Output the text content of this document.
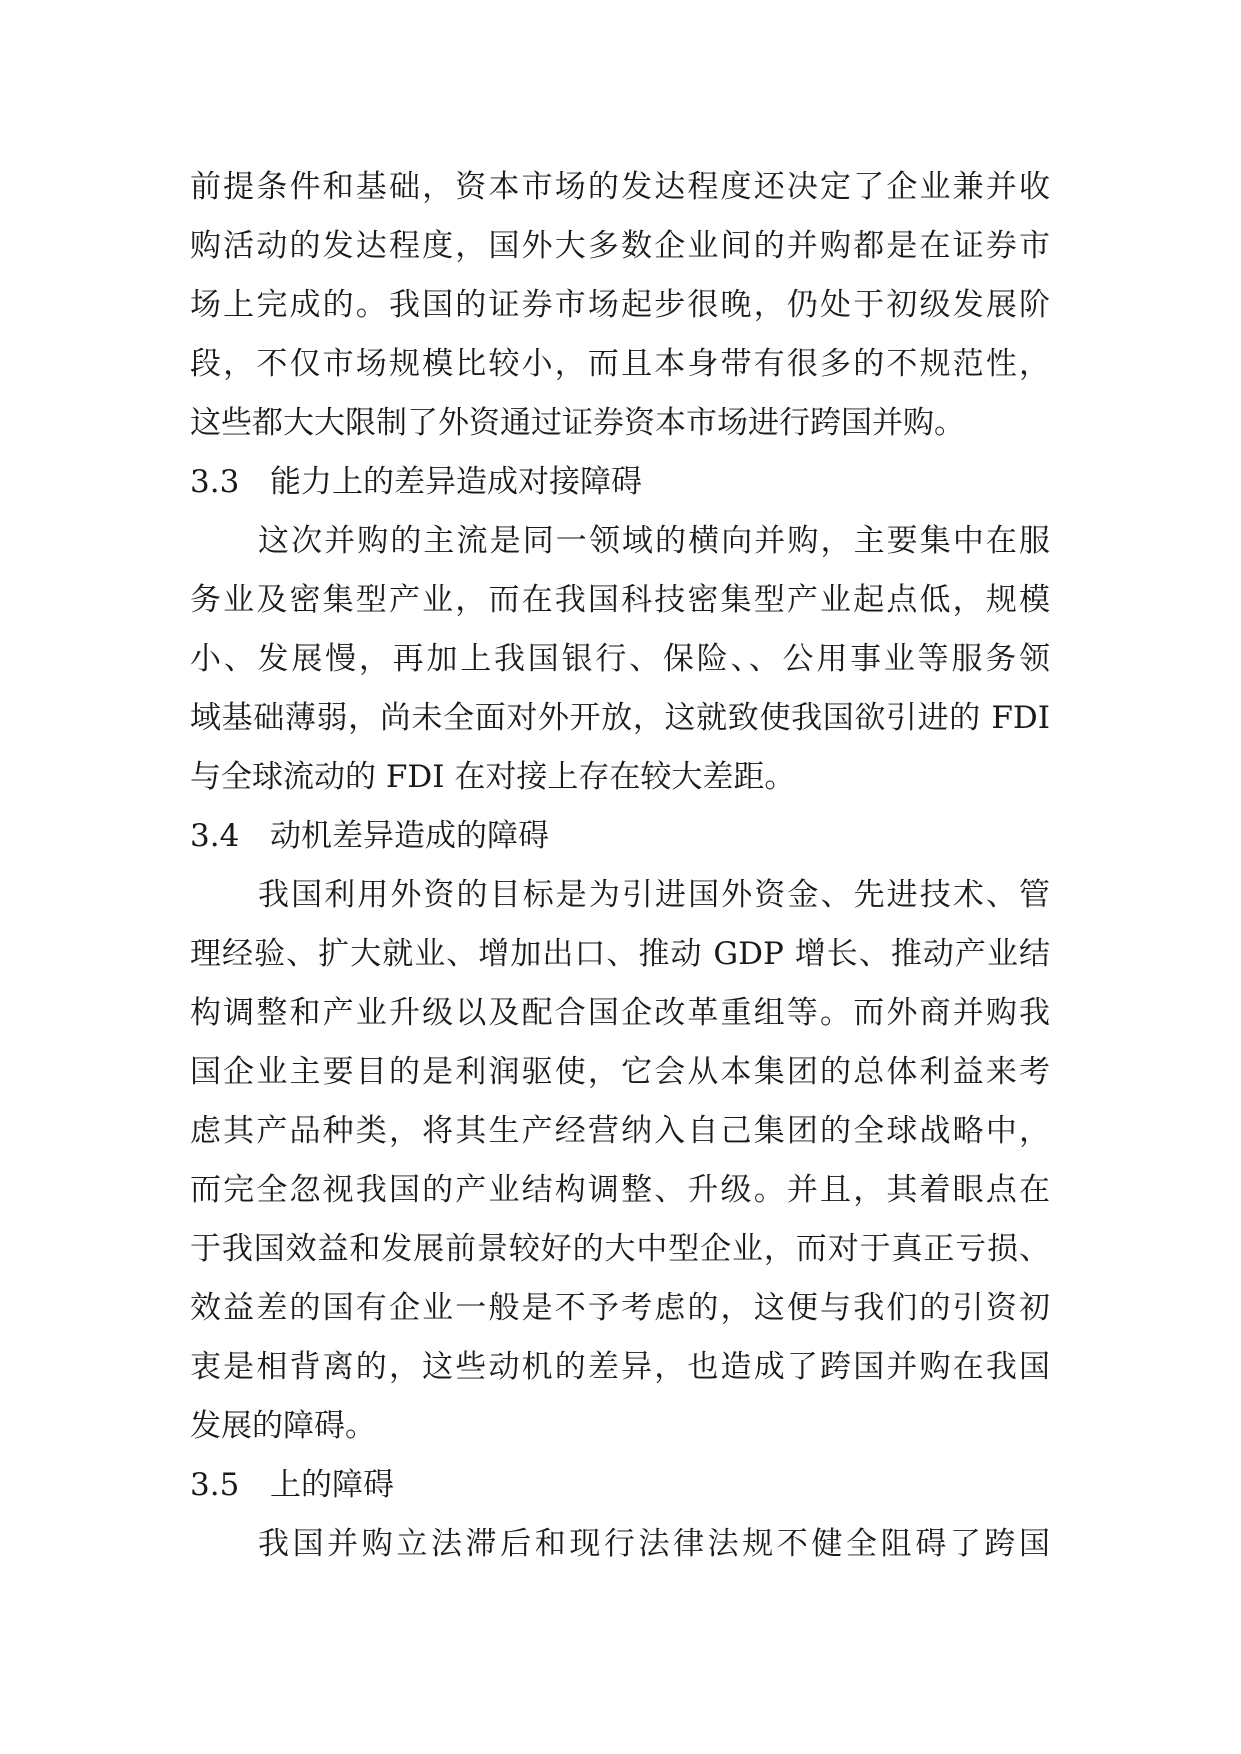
前提条件和基础，资本市场的发达程度还决定了企业兼并收
购活动的发达程度，国外大多数企业间的并购都是在证券市
场上完成的。我国的证券市场起步很晚，仍处于初级发展阶
段，不仅市场规模比较小，而且本身带有很多的不规范性，
这些都大大限制了外资通过证券资本市场进行跨国并购。
3.3 能力上的差异造成对接障碍
这次并购的主流是同一领域的横向并购，主要集中在服
务业及密集型产业，而在我国科技密集型产业起点低，规模
小、发展慢，再加上我国银行、保险、、公用事业等服务领
域基础薄弱，尚未全面对外开放，这就致使我国欲引进的 FDI
与全球流动的 FDI 在对接上存在较大差距。
3.4 动机差异造成的障碍
我国利用外资的目标是为引进国外资金、先进技术、管
理经验、扩大就业、增加出口、推动 GDP 增长、推动产业结
构调整和产业升级以及配合国企改革重组等。而外商并购我
国企业主要目的是利润驱使，它会从本集团的总体利益来考
虑其产品种类，将其生产经营纳入自己集团的全球战略中，
而完全忽视我国的产业结构调整、升级。并且，其着眼点在
于我国效益和发展前景较好的大中型企业，而对于真正亏损、
效益差的国有企业一般是不予考虑的，这便与我们的引资初
衷是相背离的，这些动机的差异，也造成了跨国并购在我国
发展的障碍。
3.5 上的障碍
我国并购立法滞后和现行法律法规不健全阻碍了跨国
